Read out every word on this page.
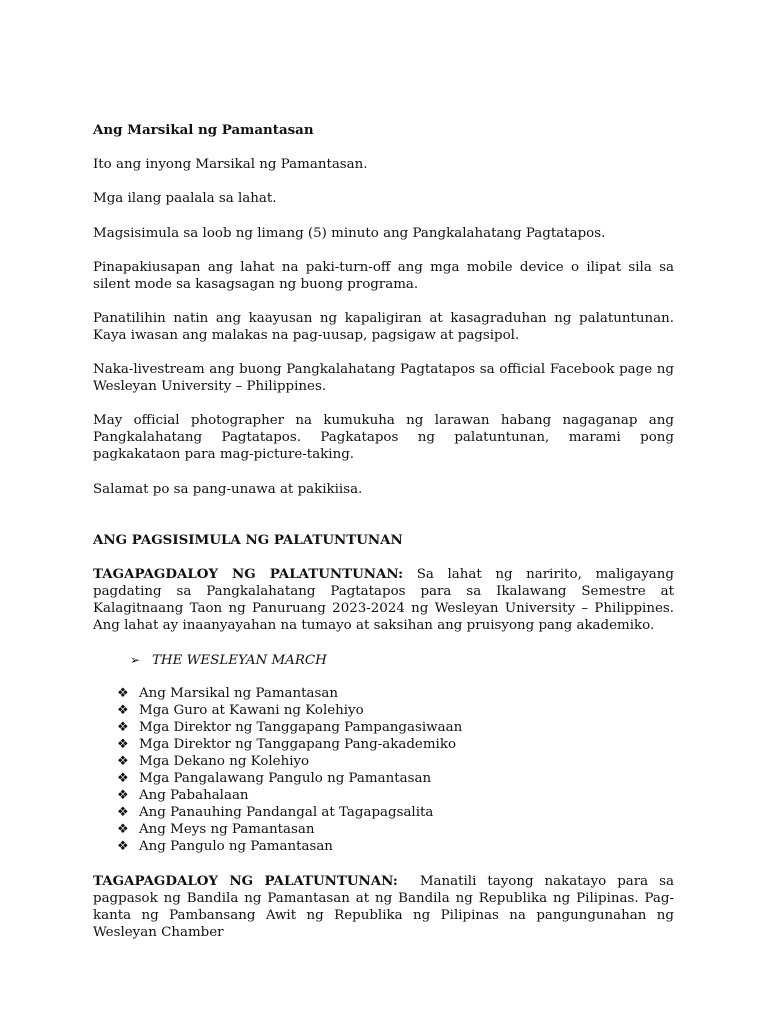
Ang Marsikal ng Pamantasan

Ito ang inyong Marsikal ng Pamantasan.

Mga ilang paalala sa lahat.

Magsisimula sa loob ng limang (5) minuto ang Pangkalahatang Pagtatapos.

Pinapakiusapan ang lahat na paki-turn-off ang mga mobile device o ilipat sila sa silent mode sa kasagsagan ng buong programa.

Panatilihin natin ang kaayusan ng kapaligiran at kasagraduhan ng palatuntunan. Kaya iwasan ang malakas na pag-uusap, pagsigaw at pagsipol.

Naka-livestream ang buong Pangkalahatang Pagtatapos sa official Facebook page ng Wesleyan University – Philippines.

May official photographer na kumukuha ng larawan habang nagaganap ang Pangkalahatang Pagtatapos. Pagkatapos ng palatuntunan, marami pong pagkakataon para mag-picture-taking.

Salamat po sa pang-unawa at pakikiisa.

ANG PAGSISIMULA NG PALATUNTUNAN

TAGAPAGDALOY NG PALATUNTUNAN: Sa lahat ng naririto, maligayang pagdating sa Pangkalahatang Pagtatapos para sa Ikalawang Semestre at Kalagitnaang Taon ng Panuruang 2023-2024 ng Wesleyan University – Philippines. Ang lahat ay inaanyayahan na tumayo at saksihan ang pruisyong pang akademiko.

➢ THE WESLEYAN MARCH
❖ Ang Marsikal ng Pamantasan
❖ Mga Guro at Kawani ng Kolehiyo
❖ Mga Direktor ng Tanggapang Pampangasiwaan
❖ Mga Direktor ng Tanggapang Pang-akademiko
❖ Mga Dekano ng Kolehiyo
❖ Mga Pangalawang Pangulo ng Pamantasan
❖ Ang Pabahalaan
❖ Ang Panauhing Pandangal at Tagapagsalita
❖ Ang Meys ng Pamantasan
❖ Ang Pangulo ng Pamantasan

TAGAPAGDALOY NG PALATUNTUNAN: Manatili tayong nakatayo para sa pagpasok ng Bandila ng Pamantasan at ng Bandila ng Republika ng Pilipinas. Pag-kanta ng Pambansang Awit ng Republika ng Pilipinas na pangungunahan ng Wesleyan Chamber
